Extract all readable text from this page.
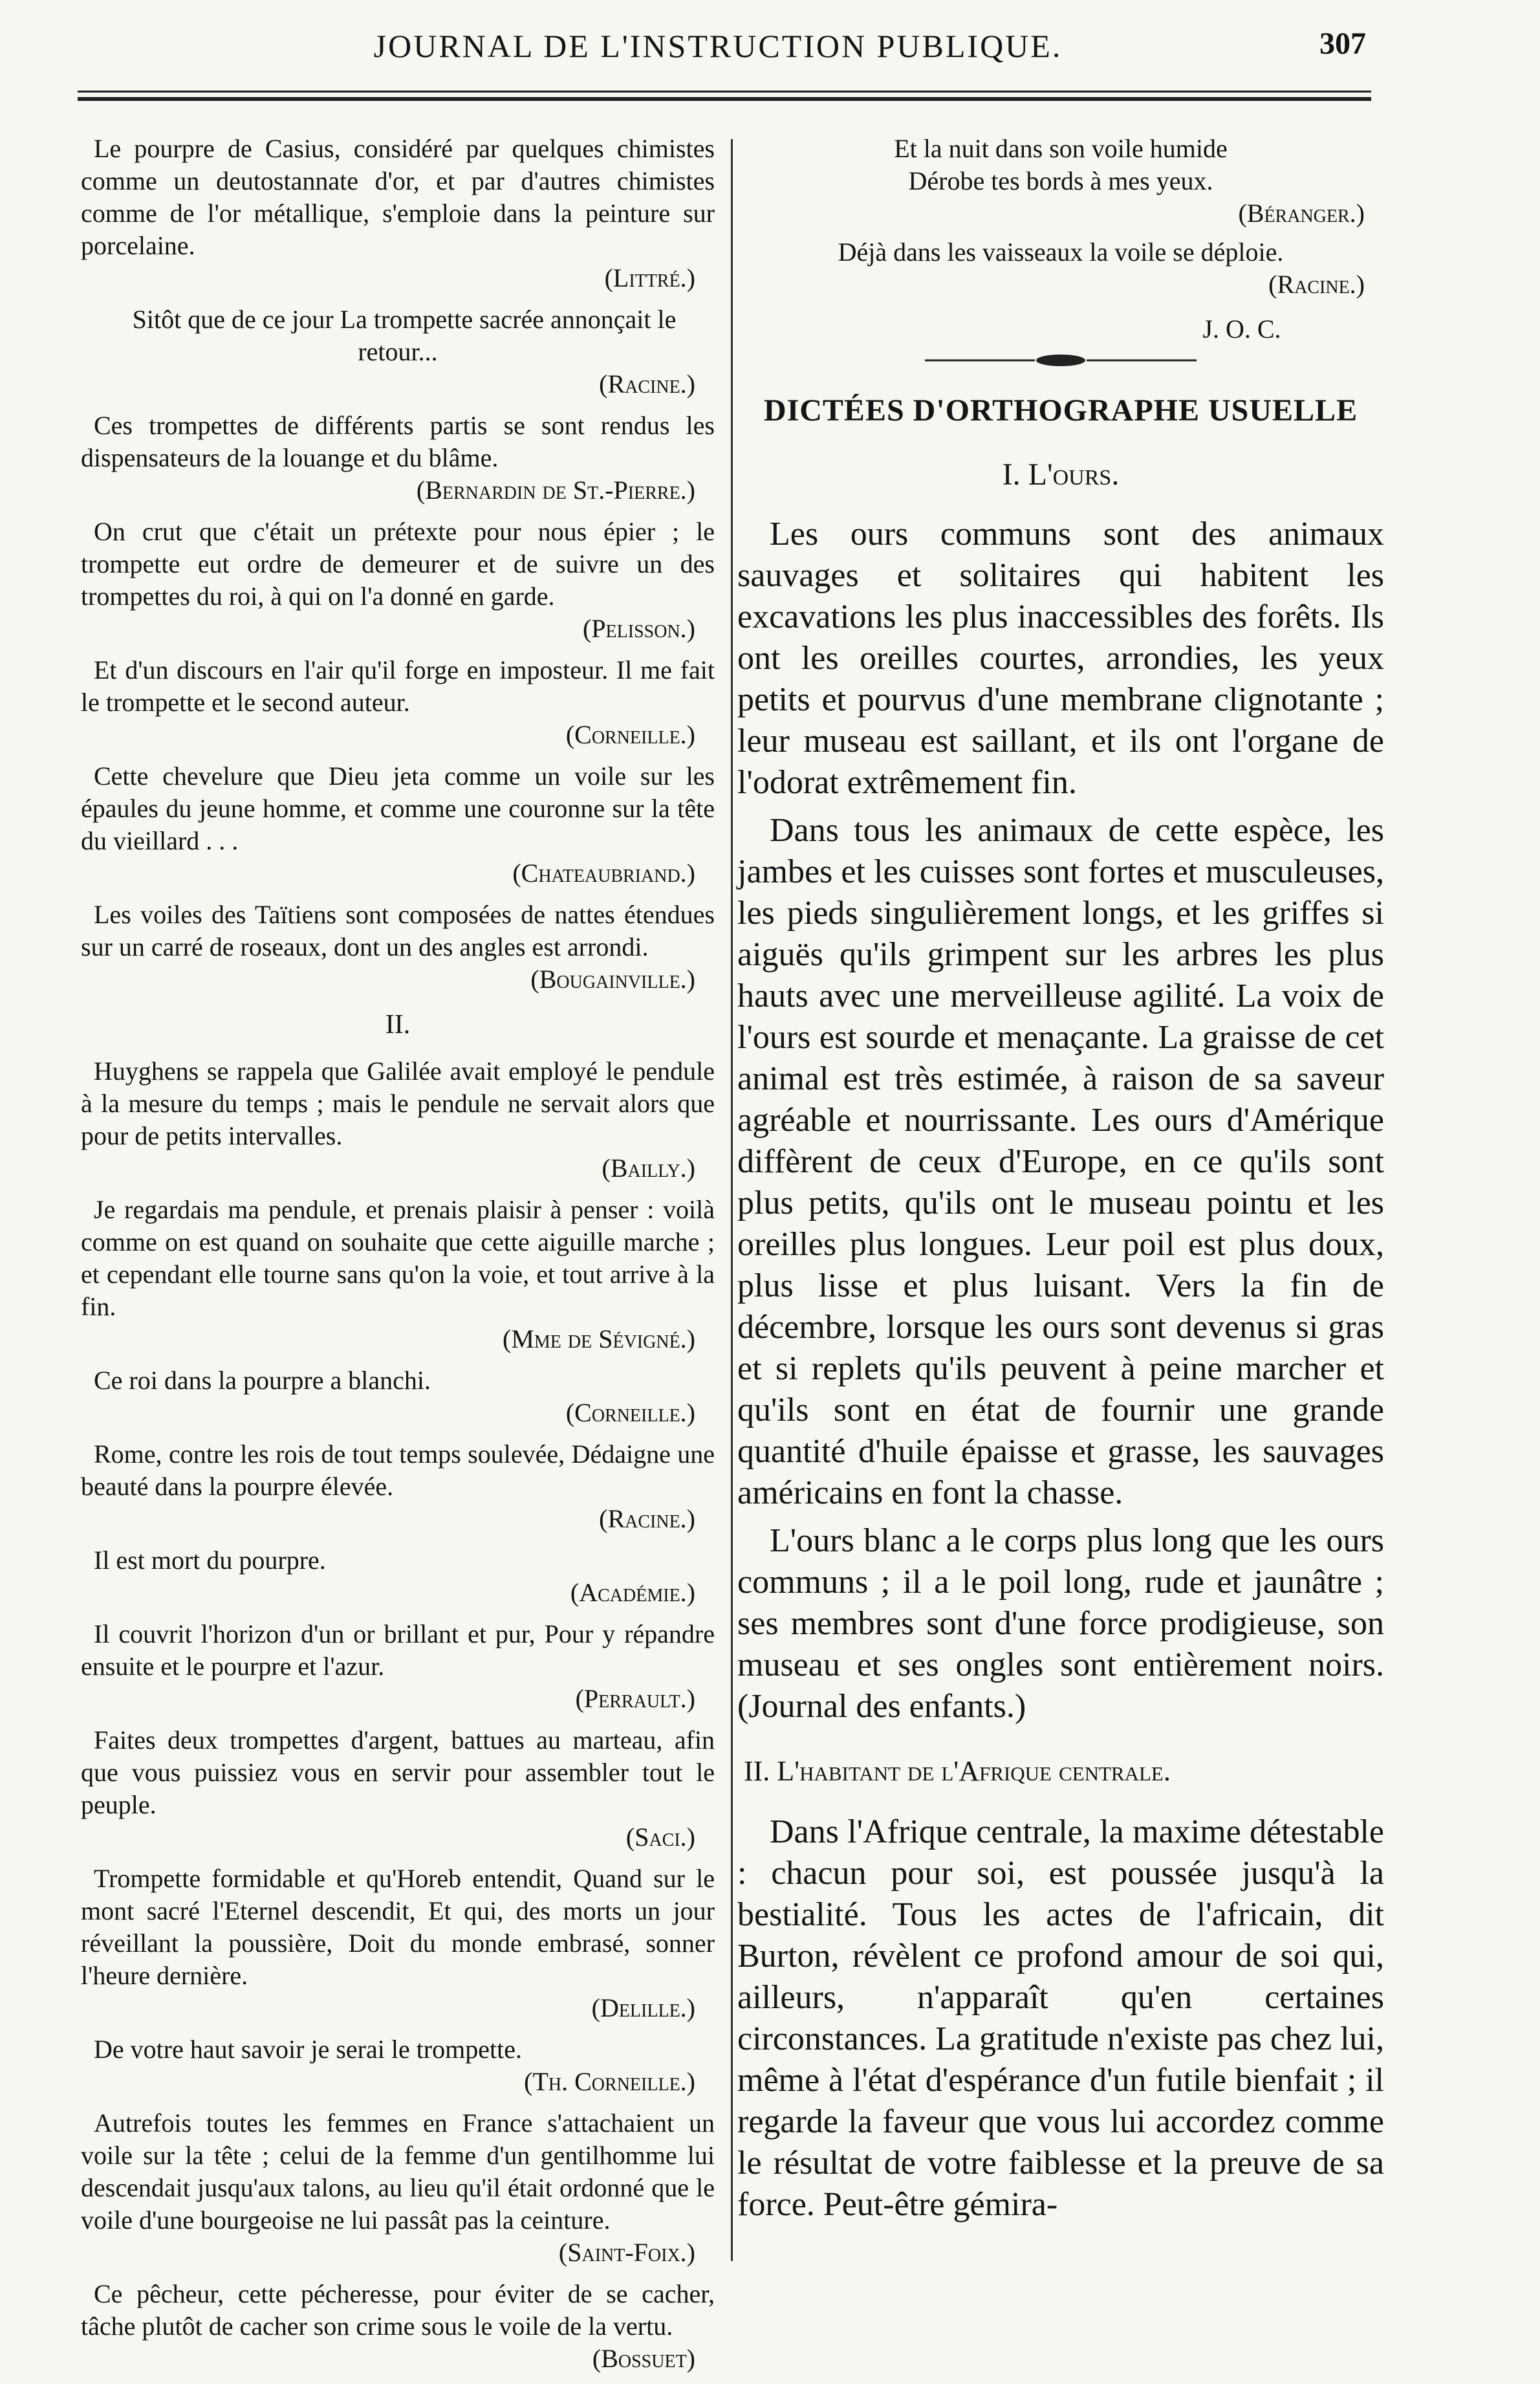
JOURNAL DE L'INSTRUCTION PUBLIQUE.	307
Le pourpre de Casius, considéré par quelques chimistes comme un deutostannate d'or, et par d'autres chimistes comme de l'or métallique, s'emploie dans la peinture sur porcelaine.
(Littré.)
Sitôt que de ce jour La trompette sacrée annonçait le retour...
(Racine.)
Ces trompettes de différents partis se sont rendus les dispensateurs de la louange et du blâme.
(Bernardin de St.-Pierre.)
On crut que c'était un prétexte pour nous épier ; le trompette eut ordre de demeurer et de suivre un des trompettes du roi, à qui on l'a donné en garde.
(Pelisson.)
Et d'un discours en l'air qu'il forge en imposteur. Il me fait le trompette et le second auteur.
(Corneille.)
Cette chevelure que Dieu jeta comme un voile sur les épaules du jeune homme, et comme une couronne sur la tête du vieillard . . .
(Chateaubriand.)
Les voiles des Taïtiens sont composées de nattes étendues sur un carré de roseaux, dont un des angles est arrondi.
(Bougainville.)
II.
Huyghens se rappela que Galilée avait employé le pendule à la mesure du temps ; mais le pendule ne servait alors que pour de petits intervalles.
(Bailly.)
Je regardais ma pendule, et prenais plaisir à penser : voilà comme on est quand on souhaite que cette aiguille marche ; et cependant elle tourne sans qu'on la voie, et tout arrive à la fin.
(Mme de Sévigné.)
Ce roi dans la pourpre a blanchi.
(Corneille.)
Rome, contre les rois de tout temps soulevée, Dédaigne une beauté dans la pourpre élevée.
(Racine.)
Il est mort du pourpre.
(Académie.)
Il couvrit l'horizon d'un or brillant et pur, Pour y répandre ensuite et le pourpre et l'azur.
(Perrault.)
Faites deux trompettes d'argent, battues au marteau, afin que vous puissiez vous en servir pour assembler tout le peuple.
(Saci.)
Trompette formidable et qu'Horeb entendit, Quand sur le mont sacré l'Eternel descendit, Et qui, des morts un jour réveillant la poussière, Doit du monde embrasé, sonner l'heure dernière.
(Delille.)
De votre haut savoir je serai le trompette.
(Th. Corneille.)
Autrefois toutes les femmes en France s'attachaient un voile sur la tête ; celui de la femme d'un gentilhomme lui descendait jusqu'aux talons, au lieu qu'il était ordonné que le voile d'une bourgeoise ne lui passât pas la ceinture.
(Saint-Foix.)
Ce pêcheur, cette pécheresse, pour éviter de se cacher, tâche plutôt de cacher son crime sous le voile de la vertu.
(Bossuet)
Et la nuit dans son voile humide
Dérobe tes bords à mes yeux.
(Béranger.)
Déjà dans les vaisseaux la voile se déploie.
(Racine.)
J. O. C.
DICTÉES D'ORTHOGRAPHE USUELLE
I. L'ours.
Les ours communs sont des animaux sauvages et solitaires qui habitent les excavations les plus inaccessibles des forêts. Ils ont les oreilles courtes, arrondies, les yeux petits et pourvus d'une membrane clignotante ; leur museau est saillant, et ils ont l'organe de l'odorat extrêmement fin.
Dans tous les animaux de cette espèce, les jambes et les cuisses sont fortes et musculeuses, les pieds singulièrement longs, et les griffes si aiguës qu'ils grimpent sur les arbres les plus hauts avec une merveilleuse agilité. La voix de l'ours est sourde et menaçante. La graisse de cet animal est très estimée, à raison de sa saveur agréable et nourrissante. Les ours d'Amérique diffèrent de ceux d'Europe, en ce qu'ils sont plus petits, qu'ils ont le museau pointu et les oreilles plus longues. Leur poil est plus doux, plus lisse et plus luisant. Vers la fin de décembre, lorsque les ours sont devenus si gras et si replets qu'ils peuvent à peine marcher et qu'ils sont en état de fournir une grande quantité d'huile épaisse et grasse, les sauvages américains en font la chasse.
L'ours blanc a le corps plus long que les ours communs ; il a le poil long, rude et jaunâtre ; ses membres sont d'une force prodigieuse, son museau et ses ongles sont entièrement noirs. (Journal des enfants.)
II. L'habitant de l'Afrique centrale.
Dans l'Afrique centrale, la maxime détestable : chacun pour soi, est poussée jusqu'à la bestialité. Tous les actes de l'africain, dit Burton, révèlent ce profond amour de soi qui, ailleurs, n'apparaît qu'en certaines circonstances. La gratitude n'existe pas chez lui, même à l'état d'espérance d'un futile bienfait ; il regarde la faveur que vous lui accordez comme le résultat de votre faiblesse et la preuve de sa force. Peut-être gémira-
